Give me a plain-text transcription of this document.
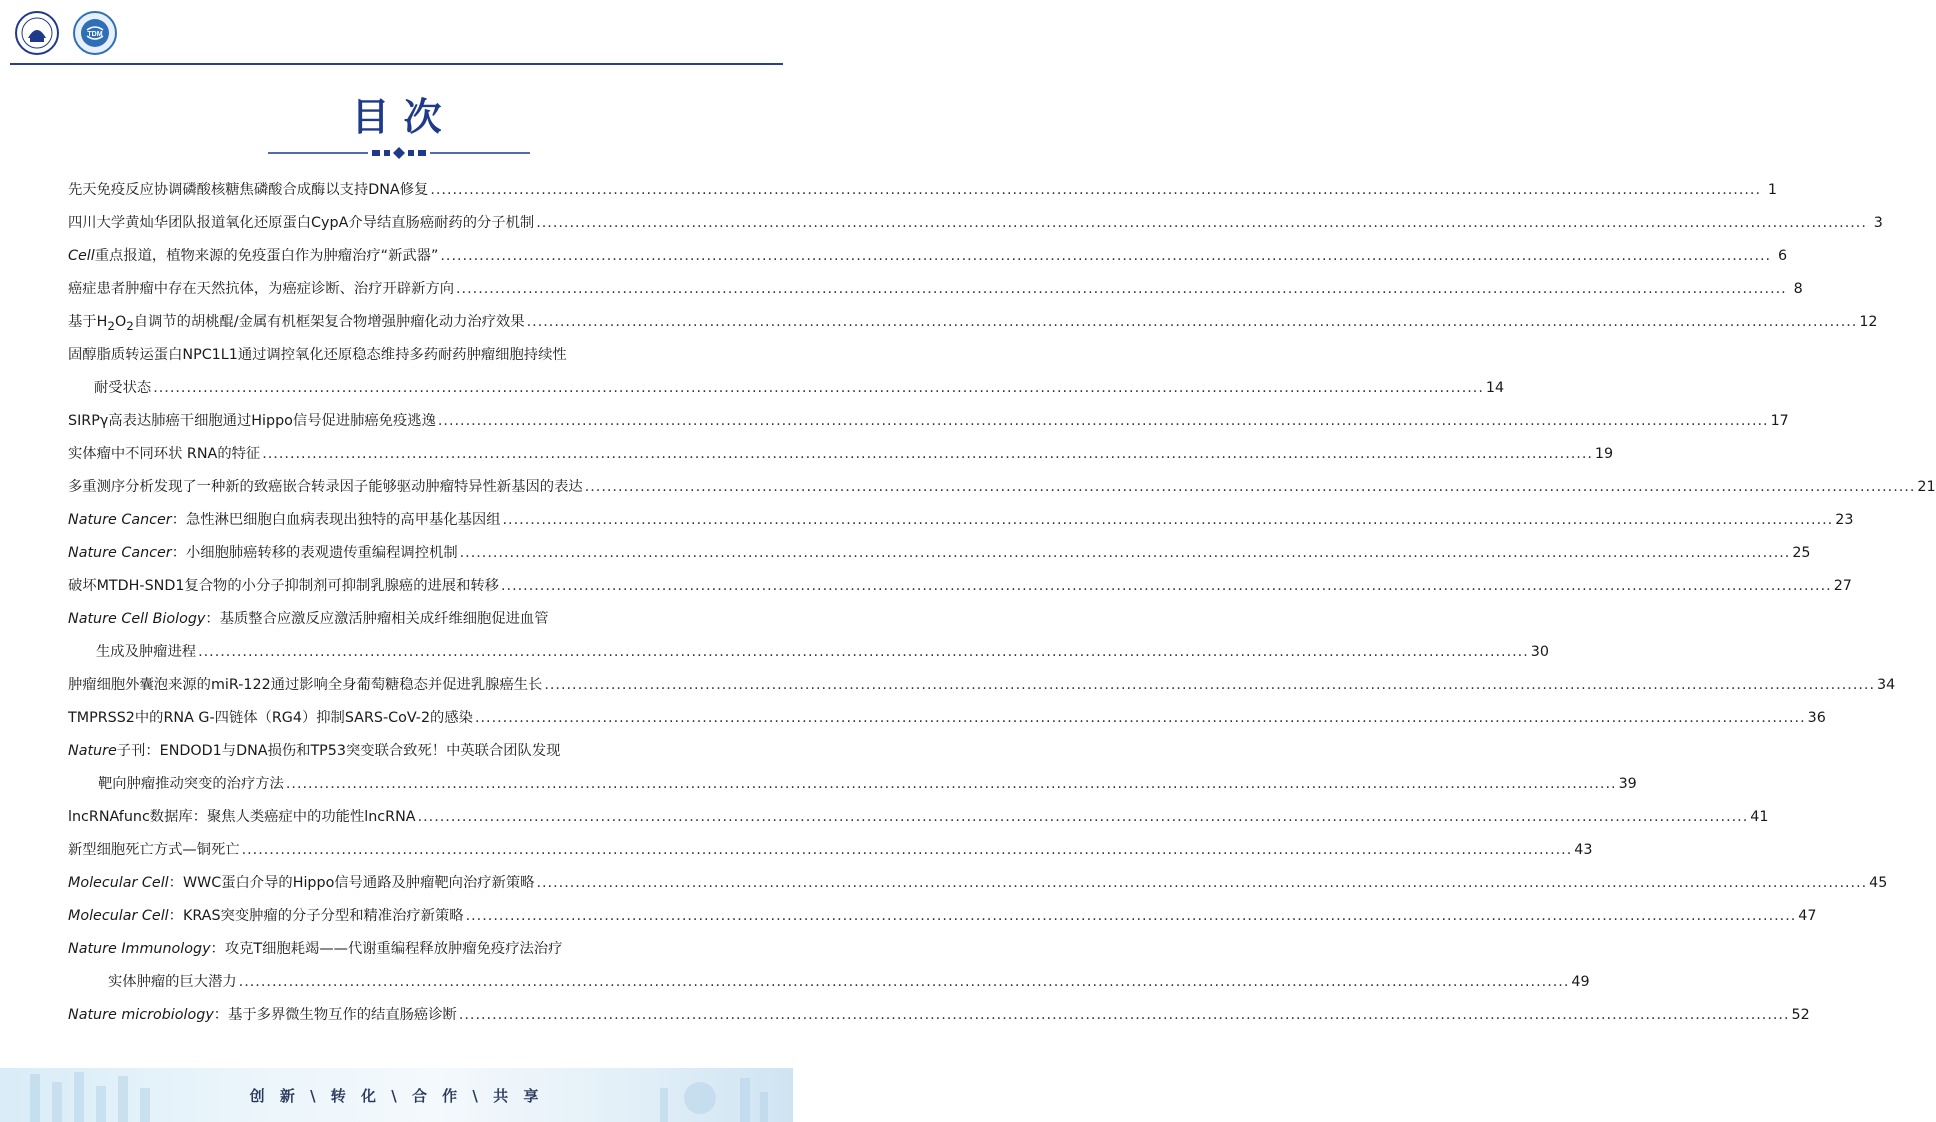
TDM
目次
先天免疫反应协调磷酸核糖焦磷酸合成酶以支持DNA修复 .....	1
四川大学黄灿华团队报道氧化还原蛋白CypA介导结直肠癌耐药的分子机制 .....	3
Cell重点报道，植物来源的免疫蛋白作为肿瘤治疗“新武器” .....	6
癌症患者肿瘤中存在天然抗体，为癌症诊断、治疗开辟新方向 .....	8
基于$H_2O_2$自调节的胡桃醌/金属有机框架复合物增强肿瘤化动力治疗效果 .....	12
固醇脂质转运蛋白NPC1L1通过调控氧化还原稳态维持多药耐药肿瘤细胞持续性
耐受状态 .....	14
SIRPγ高表达肺癌干细胞通过Hippo信号促进肺癌免疫逃逸 .....	17
实体瘤中不同环状 RNA的特征 .....	19
多重测序分析发现了一种新的致癌嵌合转录因子能够驱动肿瘤特异性新基因的表达 .....	21
Nature Cancer：急性淋巴细胞白血病表现出独特的高甲基化基因组 .....	23
Nature Cancer：小细胞肺癌转移的表观遗传重编程调控机制 .....	25
破坏MTDH-SND1复合物的小分子抑制剂可抑制乳腺癌的进展和转移 .....	27
Nature Cell Biology：基质整合应激反应激活肿瘤相关成纤维细胞促进血管
生成及肿瘤进程 .....	30
肿瘤细胞外囊泡来源的miR-122通过影响全身葡萄糖稳态并促进乳腺癌生长 .....	34
TMPRSS2中的RNA G-四链体（RG4）抑制SARS-CoV-2的感染 .....	36
Nature子刊：ENDOD1与DNA损伤和TP53突变联合致死！中英联合团队发现
靶向肿瘤推动突变的治疗方法 .....	39
lncRNAfunc数据库：聚焦人类癌症中的功能性lncRNA .....	41
新型细胞死亡方式—铜死亡 .....	43
Molecular Cell：WWC蛋白介导的Hippo信号通路及肿瘤靶向治疗新策略 .....	45
Molecular Cell：KRAS突变肿瘤的分子分型和精准治疗新策略 .....	47
Nature Immunology：攻克T细胞耗竭——代谢重编程释放肿瘤免疫疗法治疗
实体肿瘤的巨大潜力 .....	49
Nature microbiology：基于多界微生物互作的结直肠癌诊断 .....	52
创 新 \ 转 化 \ 合 作 \ 共 享
